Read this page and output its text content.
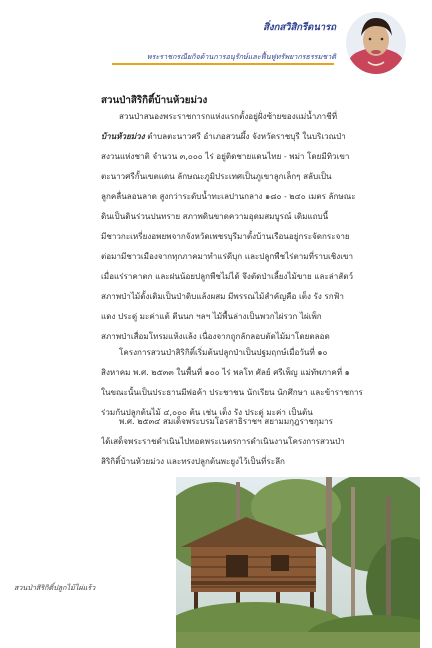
สิ่งกสวิสิกรีดนารถ
พระราชกรณียกิจด้านการอนุรักษ์และฟื้นฟูทรัพยากรธรรมชาติ
สวนป่าสิริกิติ์บ้านห้วยม่วง
สวนป่าสนองพระราชการกแห่งแรกตั้งอยู่ฝั่งซ้ายของแม่น้ำภาชีที่
บ้านห้วยม่วง ตำบลตะนาวศรี อำเภอสวนผึ้ง จังหวัดราชบุรี ในบริเวณป่า
สงวนแห่งชาติ จำนวน ๓,๐๐๐ ไร่ อยู่ติดชายแดนไทย - พม่า โดยมีทิวเขา
ตะนาวศรีกั้นเขตแดน ลักษณะภูมิประเทศเป็นภูเขาลูกเล็กๆ สลับเป็น
ลูกคลื่นลอนลาด สูงกว่าระดับน้ำทะเลปานกลาง ๑๘๐ - ๒๔๐ เมตร ลักษณะ
ดินเป็นดินร่วนปนทราย สภาพดินขาดความอุดมสมบูรณ์ เดิมแถบนี้
มีชาวกะเหรี่ยงอพยพจากจังหวัดเพชรบุรีมาตั้งบ้านเรือนอยู่กระจัดกระจาย
ต่อมามีชาวเมืองจากทุกภาคมาทำแร่ดีบุก และปลูกพืชไร่ตามที่ราบเชิงเขา
เมื่อแร่ราคาตก และฝนน้อยปลูกพืชไม่ได้ จึงตัดป่าเลี้ยงไม้ขาย และล่าสัตว์
สภาพป่าไม้ดั้งเดิมเป็นป่าดิบแล้งผสม มีพรรณไม้สำคัญคือ เต็ง รัง รกฟ้า
แดง ประดู่ มะค่าแต้ ตีนนก ฯลฯ ไม้พื้นล่างเป็นพวกไผ่รวก ไผ่เพ็ก
สภาพป่าเสื่อมโทรมแห้งแล้ง เนื่องจากถูกลักลอบตัดไม้มาโดยตลอด
โครงการสวนป่าสิริกิติ์เริ่มต้นปลูกป่าเป็นปฐมฤกษ์เมื่อวันที่ ๑๐
สิงหาคม พ.ศ. ๒๕๓๓ ในพื้นที่ ๑๐๐ ไร่ พลโท ศัลย์ ศรีเพ็ญ แม่ทัพภาคที่ ๑
ในขณะนั้นเป็นประธานมีพ่อค้า ประชาชน นักเรียน นักศึกษา และข้าราชการ
ร่วมกันปลูกต้นไม้ ๔,๐๐๐ ต้น เช่น เต็ง รัง ประดู่ มะค่า เป็นต้น
พ.ศ. ๒๕๓๔ สมเด็จพระบรมโอรสาธิราชฯ สยามมกุฎราชกุมาร
ได้เสด็จพระราชดำเนินไปทอดพระเนตรการดำเนินงานโครงการสวนป่า
สิริกิติ์บ้านห้วยม่วง และทรงปลูกต้นพะยูงไว้เป็นที่ระลึก
สวนป่าสิริกิติ์ปลูกไม้ไผ่แร้ว
